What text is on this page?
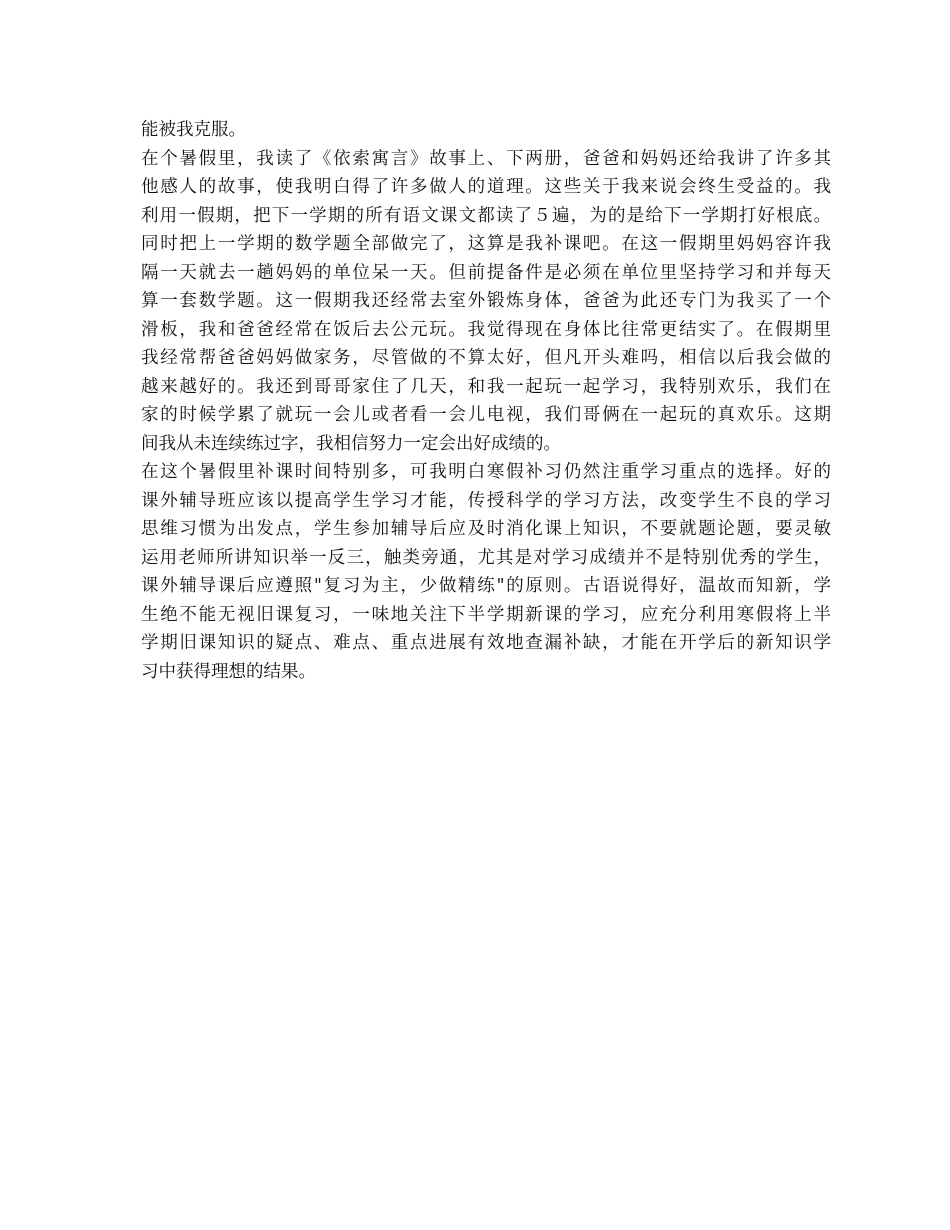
能被我克服。
在个暑假里，我读了《依索寓言》故事上、下两册，爸爸和妈妈还给我讲了许多其
他感人的故事，使我明白得了许多做人的道理。这些关于我来说会终生受益的。我
利用一假期，把下一学期的所有语文课文都读了５遍，为的是给下一学期打好根底。
同时把上一学期的数学题全部做完了，这算是我补课吧。在这一假期里妈妈容许我
隔一天就去一趟妈妈的单位呆一天。但前提备件是必须在单位里坚持学习和并每天
算一套数学题。这一假期我还经常去室外锻炼身体，爸爸为此还专门为我买了一个
滑板，我和爸爸经常在饭后去公元玩。我觉得现在身体比往常更结实了。在假期里
我经常帮爸爸妈妈做家务，尽管做的不算太好，但凡开头难吗，相信以后我会做的
越来越好的。我还到哥哥家住了几天，和我一起玩一起学习，我特别欢乐，我们在
家的时候学累了就玩一会儿或者看一会儿电视，我们哥俩在一起玩的真欢乐。这期
间我从未连续练过字，我相信努力一定会出好成绩的。
在这个暑假里补课时间特别多，可我明白寒假补习仍然注重学习重点的选择。好的
课外辅导班应该以提高学生学习才能，传授科学的学习方法，改变学生不良的学习
思维习惯为出发点，学生参加辅导后应及时消化课上知识，不要就题论题，要灵敏
运用老师所讲知识举一反三，触类旁通，尤其是对学习成绩并不是特别优秀的学生，
课外辅导课后应遵照"复习为主，少做精练"的原则。古语说得好，温故而知新，学
生绝不能无视旧课复习，一味地关注下半学期新课的学习，应充分利用寒假将上半
学期旧课知识的疑点、难点、重点进展有效地查漏补缺，才能在开学后的新知识学
习中获得理想的结果。
